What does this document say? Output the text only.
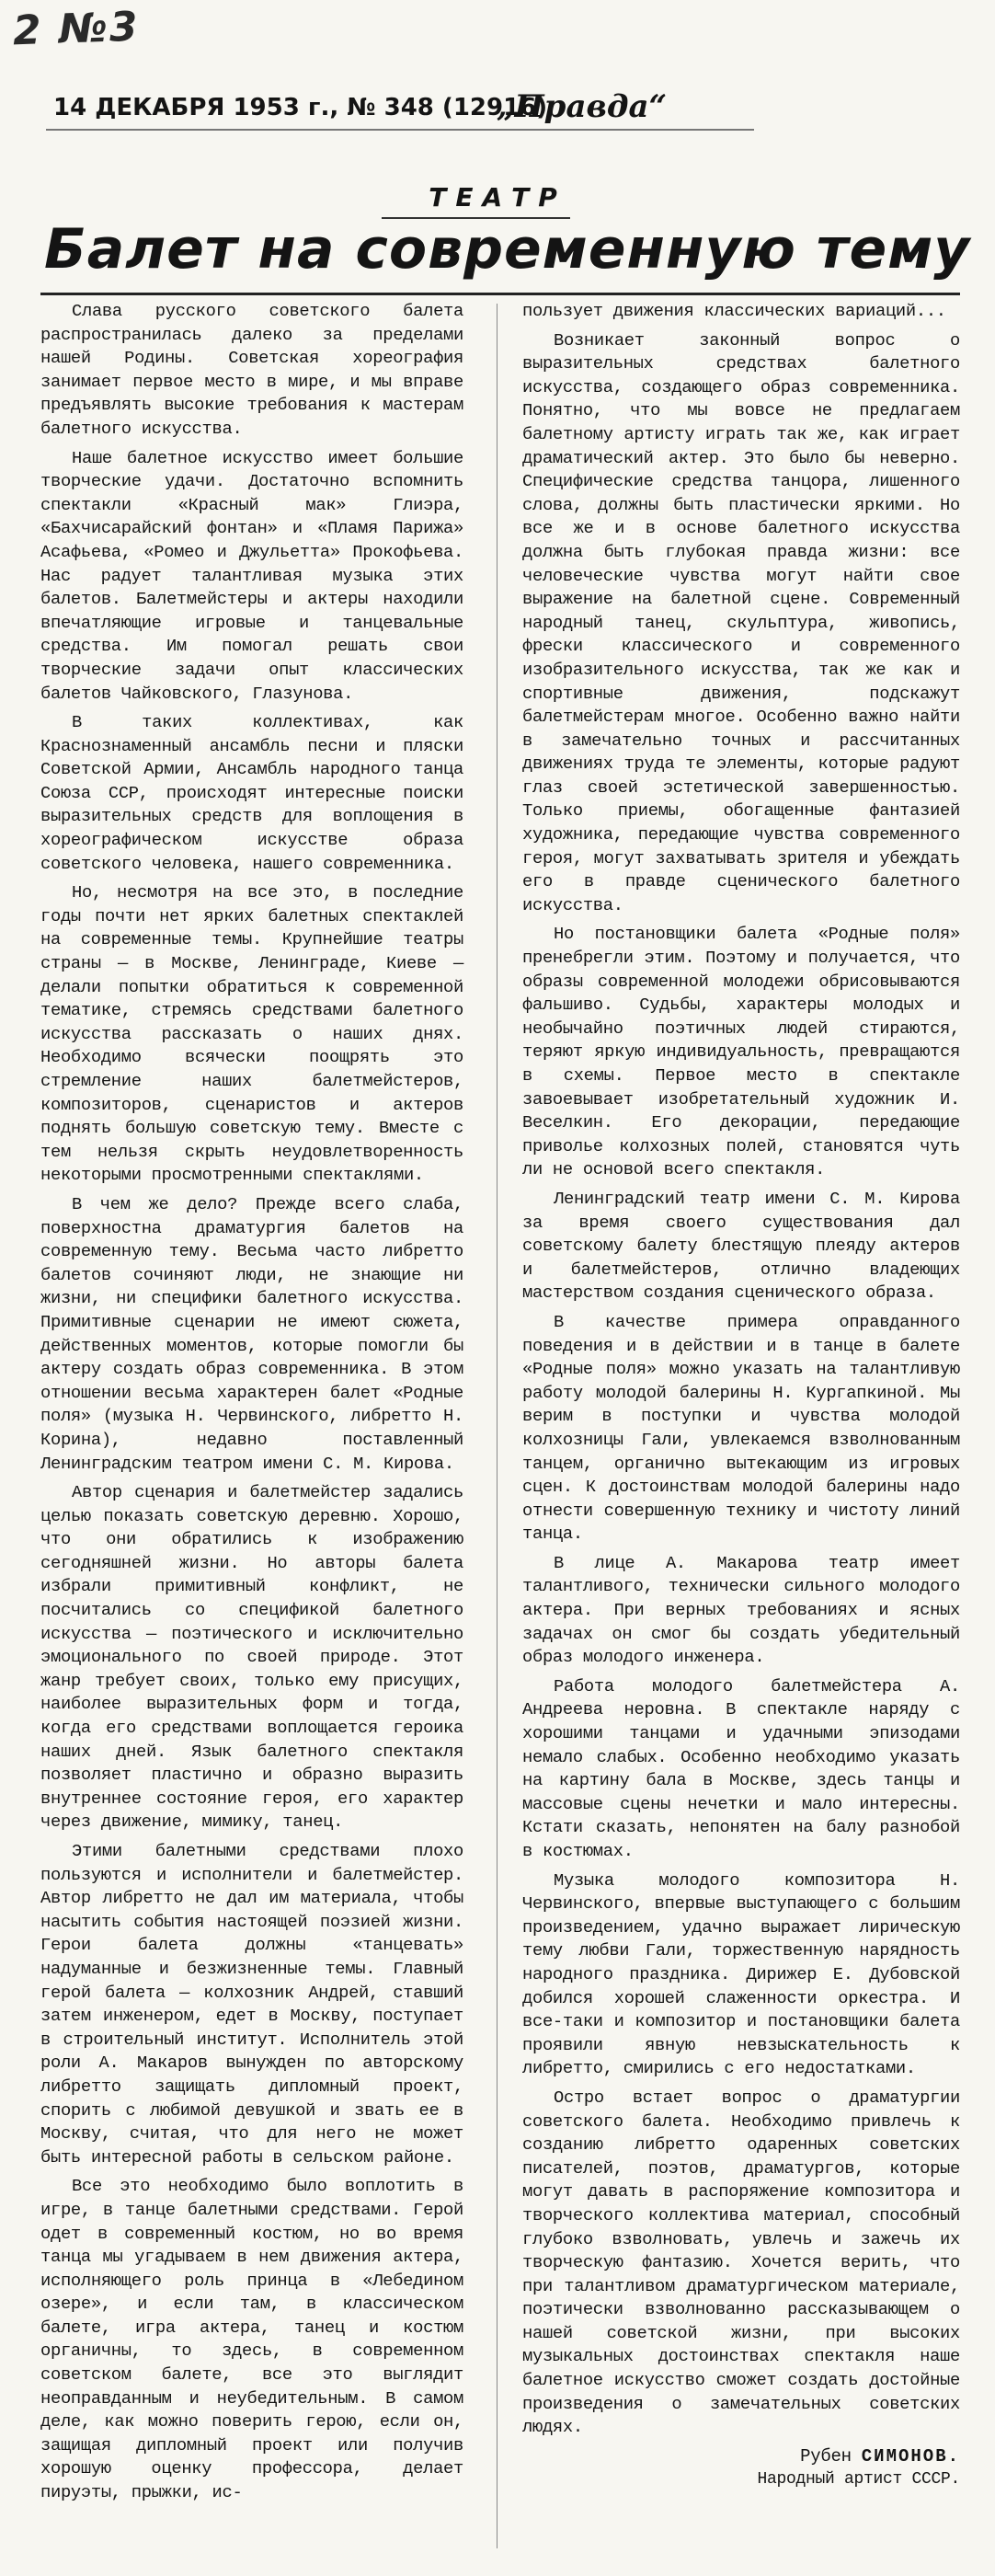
2 №3
14 ДЕКАБРЯ 1953 г., № 348 (12916)
„Правда“
ТЕАТР
Балет на современную тему

Слава русского советского балета распространилась далеко за пределами нашей Родины. Советская хореография занимает первое место в мире, и мы вправе предъявлять высокие требования к мастерам балетного искусства.

Наше балетное искусство имеет большие творческие удачи. Достаточно вспомнить спектакли «Красный мак» Глиэра, «Бахчисарайский фонтан» и «Пламя Парижа» Асафьева, «Ромео и Джульетта» Прокофьева. Нас радует талантливая музыка этих балетов. Балетмейстеры и актеры находили впечатляющие игровые и танцевальные средства. Им помогал решать свои творческие задачи опыт классических балетов Чайковского, Глазунова.

В таких коллективах, как Краснознаменный ансамбль песни и пляски Советской Армии, Ансамбль народного танца Союза ССР, происходят интересные поиски выразительных средств для воплощения в хореографическом искусстве образа советского человека, нашего современника.

Но, несмотря на все это, в последние годы почти нет ярких балетных спектаклей на современные темы. Крупнейшие театры страны — в Москве, Ленинграде, Киеве — делали попытки обратиться к современной тематике, стремясь средствами балетного искусства рассказать о наших днях. Необходимо всячески поощрять это стремление наших балетмейстеров, композиторов, сценаристов и актеров поднять большую советскую тему. Вместе с тем нельзя скрыть неудовлетворенность некоторыми просмотренными спектаклями.

В чем же дело? Прежде всего слаба, поверхностна драматургия балетов на современную тему. Весьма часто либретто балетов сочиняют люди, не знающие ни жизни, ни специфики балетного искусства. Примитивные сценарии не имеют сюжета, действенных моментов, которые помогли бы актеру создать образ современника. В этом отношении весьма характерен балет «Родные поля» (музыка Н. Червинского, либретто Н. Корина), недавно поставленный Ленинградским театром имени С. М. Кирова.

Автор сценария и балетмейстер задались целью показать советскую деревню. Хорошо, что они обратились к изображению сегодняшней жизни. Но авторы балета избрали примитивный конфликт, не посчитались со спецификой балетного искусства — поэтического и исключительно эмоционального по своей природе. Этот жанр требует своих, только ему присущих, наиболее выразительных форм и тогда, когда его средствами воплощается героика наших дней. Язык балетного спектакля позволяет пластично и образно выразить внутреннее состояние героя, его характер через движение, мимику, танец.

Этими балетными средствами плохо пользуются и исполнители и балетмейстер. Автор либретто не дал им материала, чтобы насытить события настоящей поэзией жизни. Герои балета должны «танцевать» надуманные и безжизненные темы. Главный герой балета — колхозник Андрей, ставший затем инженером, едет в Москву, поступает в строительный институт. Исполнитель этой роли А. Макаров вынужден по авторскому либретто защищать дипломный проект, спорить с любимой девушкой и звать ее в Москву, считая, что для него не может быть интересной работы в сельском районе.

Все это необходимо было воплотить в игре, в танце балетными средствами. Герой одет в современный костюм, но во время танца мы угадываем в нем движения актера, исполняющего роль принца в «Лебедином озере», и если там, в классическом балете, игра актера, танец и костюм органичны, то здесь, в современном советском балете, все это выглядит неоправданным и неубедительным. В самом деле, как можно поверить герою, если он, защищая дипломный проект или получив хорошую оценку профессора, делает пируэты, прыжки, ис-

пользует движения классических вариаций...

Возникает законный вопрос о выразительных средствах балетного искусства, создающего образ современника. Понятно, что мы вовсе не предлагаем балетному артисту играть так же, как играет драматический актер. Это было бы неверно. Специфические средства танцора, лишенного слова, должны быть пластически яркими. Но все же и в основе балетного искусства должна быть глубокая правда жизни: все человеческие чувства могут найти свое выражение на балетной сцене. Современный народный танец, скульптура, живопись, фрески классического и современного изобразительного искусства, так же как и спортивные движения, подскажут балетмейстерам многое. Особенно важно найти в замечательно точных и рассчитанных движениях труда те элементы, которые радуют глаз своей эстетической завершенностью. Только приемы, обогащенные фантазией художника, передающие чувства современного героя, могут захватывать зрителя и убеждать его в правде сценического балетного искусства.

Но постановщики балета «Родные поля» пренебрегли этим. Поэтому и получается, что образы современной молодежи обрисовываются фальшиво. Судьбы, характеры молодых и необычайно поэтичных людей стираются, теряют яркую индивидуальность, превращаются в схемы. Первое место в спектакле завоевывает изобретательный художник И. Веселкин. Его декорации, передающие приволье колхозных полей, становятся чуть ли не основой всего спектакля.

Ленинградский театр имени С. М. Кирова за время своего существования дал советскому балету блестящую плеяду актеров и балетмейстеров, отлично владеющих мастерством создания сценического образа.

В качестве примера оправданного поведения и в действии и в танце в балете «Родные поля» можно указать на талантливую работу молодой балерины Н. Кургапкиной. Мы верим в поступки и чувства молодой колхозницы Гали, увлекаемся взволнованным танцем, органично вытекающим из игровых сцен. К достоинствам молодой балерины надо отнести совершенную технику и чистоту линий танца.

В лице А. Макарова театр имеет талантливого, технически сильного молодого актера. При верных требованиях и ясных задачах он смог бы создать убедительный образ молодого инженера.

Работа молодого балетмейстера А. Андреева неровна. В спектакле наряду с хорошими танцами и удачными эпизодами немало слабых. Особенно необходимо указать на картину бала в Москве, здесь танцы и массовые сцены нечетки и мало интересны. Кстати сказать, непонятен на балу разнобой в костюмах.

Музыка молодого композитора Н. Червинского, впервые выступающего с большим произведением, удачно выражает лирическую тему любви Гали, торжественную нарядность народного праздника. Дирижер Е. Дубовской добился хорошей слаженности оркестра. И все-таки и композитор и постановщики балета проявили явную невзыскательность к либретто, смирились с его недостатками.

Остро встает вопрос о драматургии советского балета. Необходимо привлечь к созданию либретто одаренных советских писателей, поэтов, драматургов, которые могут давать в распоряжение композитора и творческого коллектива материал, способный глубоко взволновать, увлечь и зажечь их творческую фантазию. Хочется верить, что при талантливом драматургическом материале, поэтически взволнованно рассказывающем о нашей советской жизни, при высоких музыкальных достоинствах спектакля наше балетное искусство сможет создать достойные произведения о замечательных советских людях.

Рубен СИМОНОВ.
Народный артист СССР.
